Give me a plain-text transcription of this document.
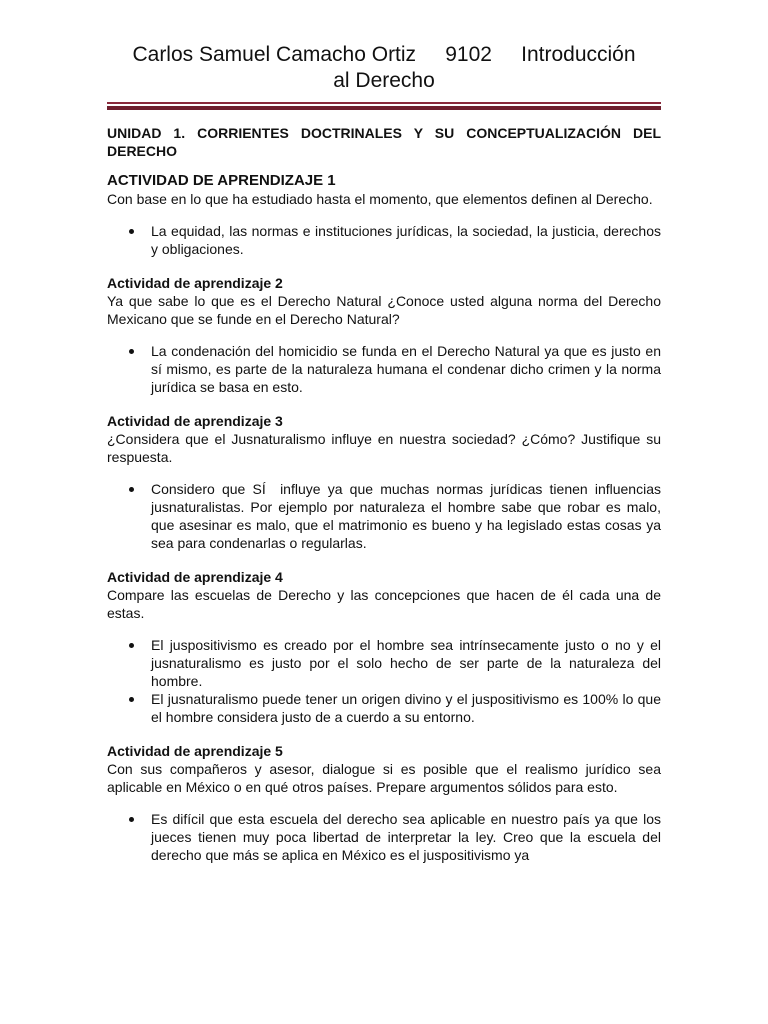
Carlos Samuel Camacho Ortiz     9102     Introducción
al Derecho

UNIDAD 1. CORRIENTES DOCTRINALES Y SU CONCEPTUALIZACIÓN DEL DERECHO

ACTIVIDAD DE APRENDIZAJE 1

Con base en lo que ha estudiado hasta el momento, que elementos definen al Derecho.

La equidad, las normas e instituciones jurídicas, la sociedad, la justicia, derechos y obligaciones.

Actividad de aprendizaje 2

Ya que sabe lo que es el Derecho Natural ¿Conoce usted alguna norma del Derecho Mexicano que se funde en el Derecho Natural?

La condenación del homicidio se funda en el Derecho Natural ya que es justo en sí mismo, es parte de la naturaleza humana el condenar dicho crimen y la norma jurídica se basa en esto.

Actividad de aprendizaje 3

¿Considera que el Jusnaturalismo influye en nuestra sociedad? ¿Cómo? Justifique su respuesta.

Considero que SÍ  influye ya que muchas normas jurídicas tienen influencias jusnaturalistas. Por ejemplo por naturaleza el hombre sabe que robar es malo, que asesinar es malo, que el matrimonio es bueno y ha legislado estas cosas ya sea para condenarlas o regularlas.

Actividad de aprendizaje 4

Compare las escuelas de Derecho y las concepciones que hacen de él cada una de estas.

El juspositivismo es creado por el hombre sea intrínsecamente justo o no y el jusnaturalismo es justo por el solo hecho de ser parte de la naturaleza del hombre.
El jusnaturalismo puede tener un origen divino y el juspositivismo es 100% lo que el hombre considera justo de a cuerdo a su entorno.

Actividad de aprendizaje 5

Con sus compañeros y asesor, dialogue si es posible que el realismo jurídico sea aplicable en México o en qué otros países. Prepare argumentos sólidos para esto.

Es difícil que esta escuela del derecho sea aplicable en nuestro país ya que los jueces tienen muy poca libertad de interpretar la ley. Creo que la escuela del derecho que más se aplica en México es el juspositivismo ya
